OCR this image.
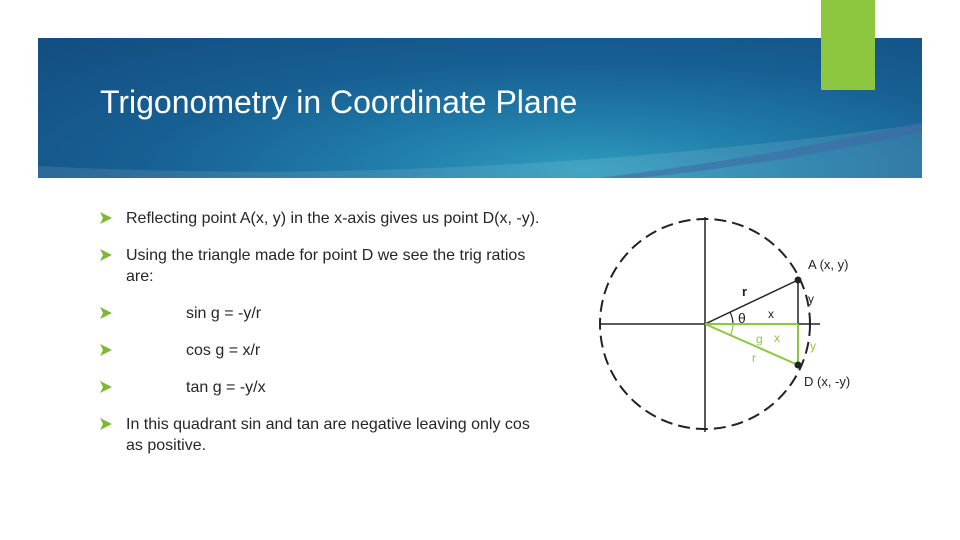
Trigonometry in Coordinate Plane
Reflecting point A(x, y) in the x-axis gives us point D(x, -y).
Using the triangle made for point D we see the trig ratios are:
sin g = -y/r
cos g = x/r
tan g = -y/x
In this quadrant sin and tan are negative leaving only cos as positive.
A (x, y)
r
θ x
y
g x
r
y
D (x, -y)
